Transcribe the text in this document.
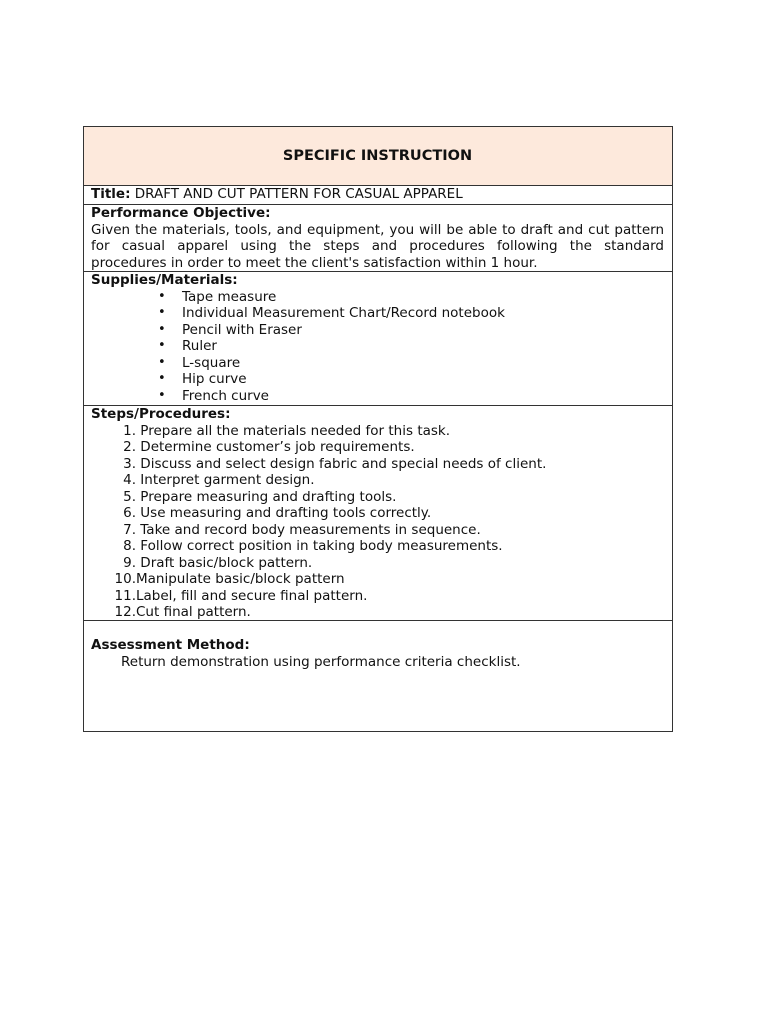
SPECIFIC INSTRUCTION
Title: DRAFT AND CUT PATTERN FOR CASUAL APPAREL
Performance Objective:
Given the materials, tools, and equipment, you will be able to draft and cut pattern for casual apparel using the steps and procedures following the standard procedures in order to meet the client's satisfaction within 1 hour.
Supplies/Materials:
• Tape measure
• Individual Measurement Chart/Record notebook
• Pencil with Eraser
• Ruler
• L-square
• Hip curve
• French curve
Steps/Procedures:
1.
Prepare all the materials needed for this task.
2.
Determine customer’s job requirements.
3.
Discuss and select design fabric and special needs of client.
4.
Interpret garment design.
5.
Prepare measuring and drafting tools.
6.
Use measuring and drafting tools correctly.
7.
Take and record body measurements in sequence.
8.
Follow correct position in taking body measurements.
9.
Draft basic/block pattern.
10. Manipulate basic/block pattern
11. Label, fill and secure final pattern.
12. Cut final pattern.
Assessment Method:
Return demonstration using performance criteria checklist.
